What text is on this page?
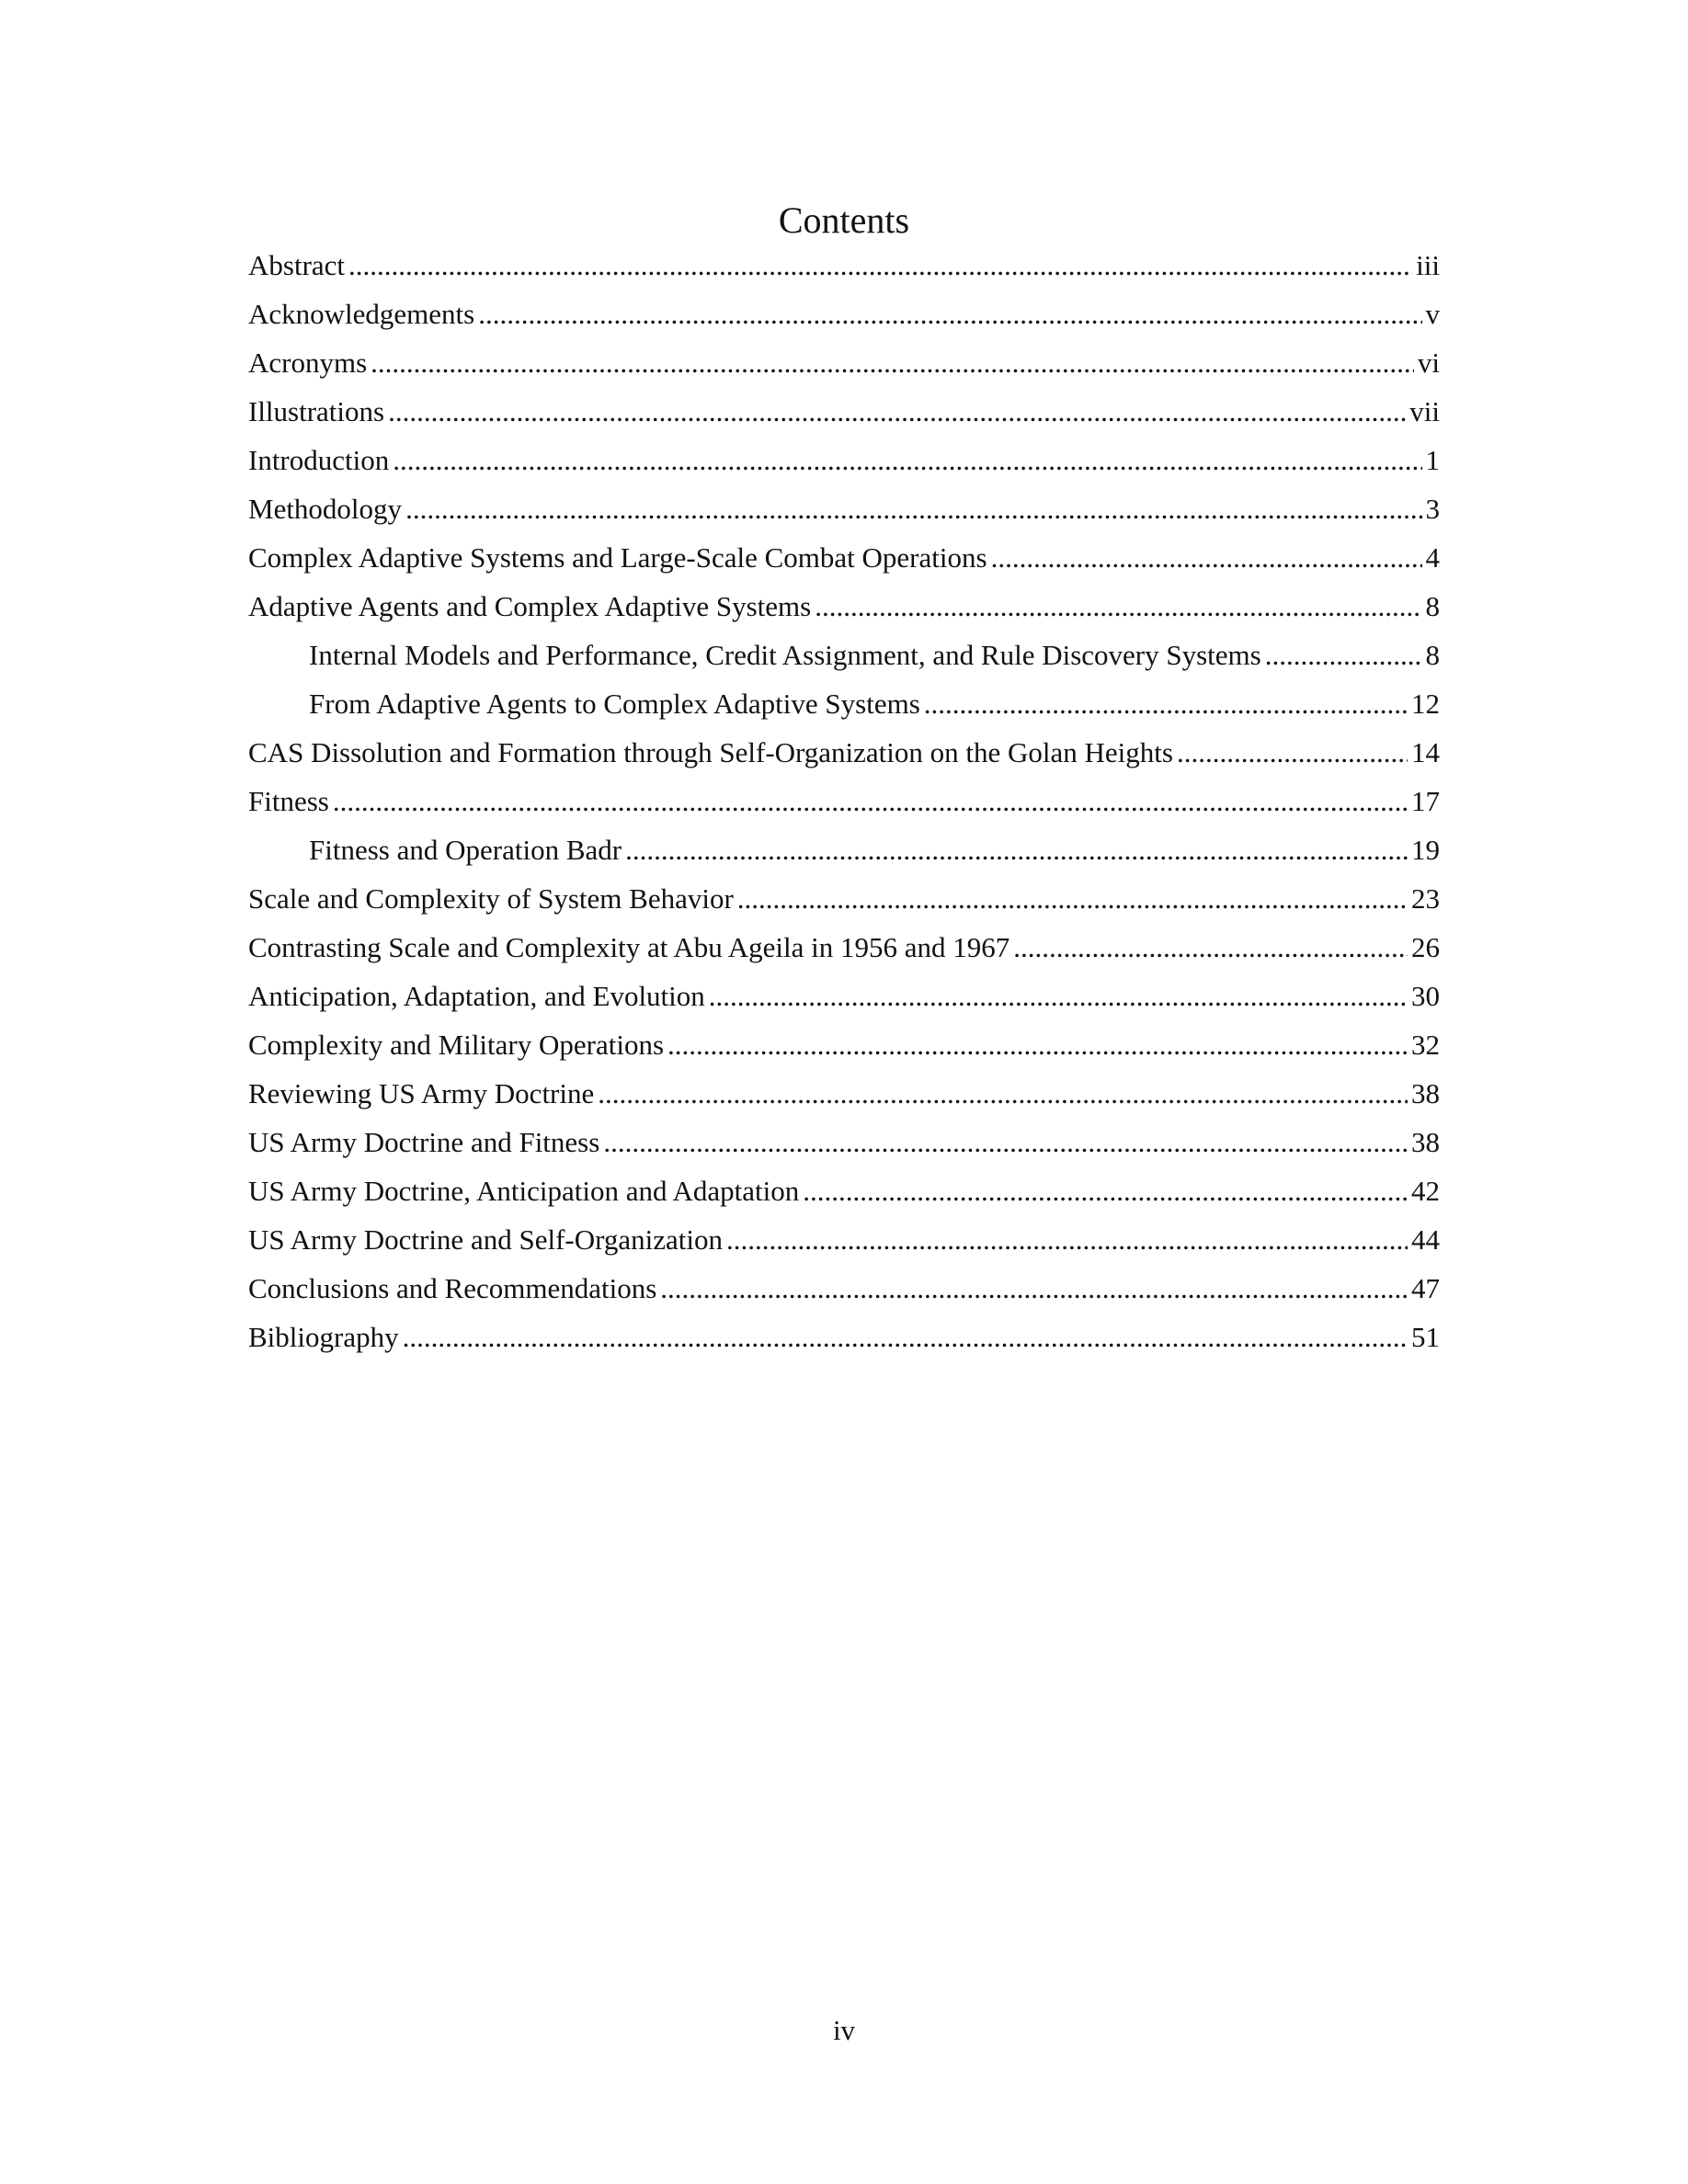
Contents
Abstract .....	iii
Acknowledgements .....	v
Acronyms .....	vi
Illustrations .....	vii
Introduction .....	1
Methodology .....	3
Complex Adaptive Systems and Large-Scale Combat Operations .....	4
Adaptive Agents and Complex Adaptive Systems .....	8
Internal Models and Performance, Credit Assignment, and Rule Discovery Systems .....	8
From Adaptive Agents to Complex Adaptive Systems .....	12
CAS Dissolution and Formation through Self-Organization on the Golan Heights .....	14
Fitness .....	17
Fitness and Operation Badr .....	19
Scale and Complexity of System Behavior .....	23
Contrasting Scale and Complexity at Abu Ageila in 1956 and 1967 .....	26
Anticipation, Adaptation, and Evolution .....	30
Complexity and Military Operations .....	32
Reviewing US Army Doctrine .....	38
US Army Doctrine and Fitness .....	38
US Army Doctrine, Anticipation and Adaptation .....	42
US Army Doctrine and Self-Organization .....	44
Conclusions and Recommendations .....	47
Bibliography .....	51
iv
